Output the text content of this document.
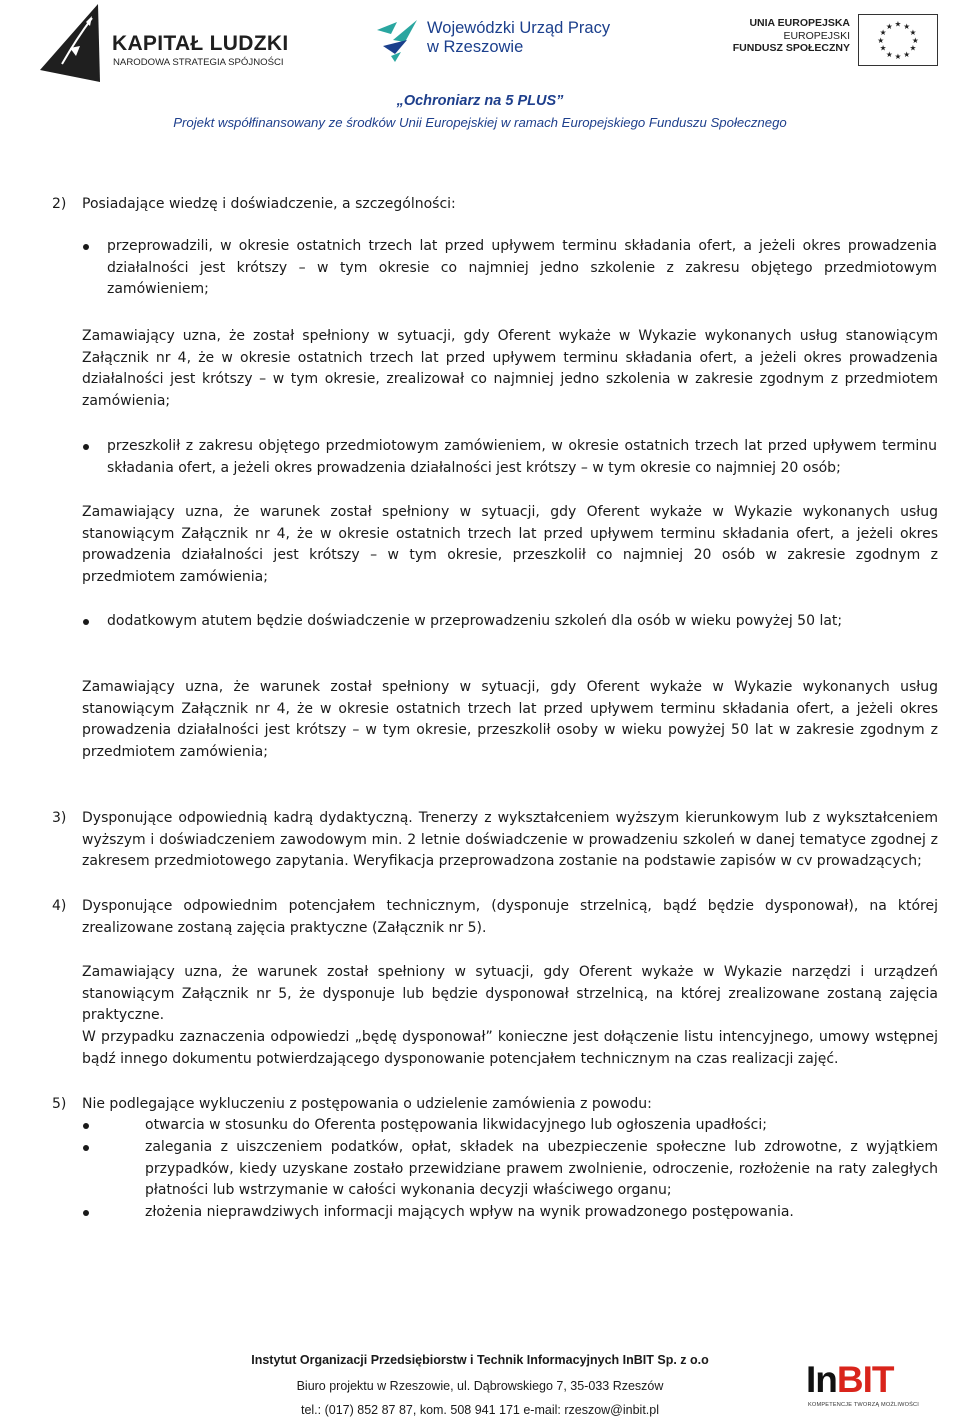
KAPITAŁ LUDZKI
NARODOWA STRATEGIA SPÓJNOŚCI
Wojewódzki Urząd Pracy
w Rzeszowie
UNIA EUROPEJSKA
EUROPEJSKI
FUNDUSZ SPOŁECZNY
★ ★
★
★
★
★
★
★
★
★
★
★
„Ochroniarz na 5 PLUS”
Projekt współfinansowany ze środków Unii Europejskiej w ramach Europejskiego Funduszu Społecznego
2) Posiadające wiedzę i doświadczenie, a szczególności:

przeprowadzili, w okresie ostatnich trzech lat przed upływem terminu składania ofert, a jeżeli okres prowadzenia działalności jest krótszy – w tym okresie co najmniej jedno szkolenie z zakresu objętego przedmiotowym zamówieniem;

Zamawiający uzna, że został spełniony w sytuacji, gdy Oferent wykaże w Wykazie wykonanych usług stanowiącym Załącznik nr 4, że w okresie ostatnich trzech lat przed upływem terminu składania ofert, a jeżeli okres prowadzenia działalności jest krótszy – w tym okresie, zrealizował co najmniej jedno szkolenia w zakresie zgodnym z przedmiotem zamówienia;

przeszkolił z zakresu objętego przedmiotowym zamówieniem, w okresie ostatnich trzech lat przed upływem terminu składania ofert, a jeżeli okres prowadzenia działalności jest krótszy – w tym okresie co najmniej 20 osób;

Zamawiający uzna, że warunek został spełniony w sytuacji, gdy Oferent wykaże w Wykazie wykonanych usług stanowiącym Załącznik nr 4, że w okresie ostatnich trzech lat przed upływem terminu składania ofert, a jeżeli okres prowadzenia działalności jest krótszy – w tym okresie, przeszkolił co najmniej 20 osób w zakresie zgodnym z przedmiotem zamówienia;

dodatkowym atutem będzie doświadczenie w przeprowadzeniu szkoleń dla osób w wieku powyżej 50 lat;

Zamawiający uzna, że warunek został spełniony w sytuacji, gdy Oferent wykaże w Wykazie wykonanych usług stanowiącym Załącznik nr 4, że w okresie ostatnich trzech lat przed upływem terminu składania ofert, a jeżeli okres prowadzenia działalności jest krótszy – w tym okresie, przeszkolił osoby w wieku powyżej 50 lat w zakresie zgodnym z przedmiotem zamówienia;

3) Dysponujące odpowiednią kadrą dydaktyczną. Trenerzy z wykształceniem wyższym kierunkowym lub z wykształceniem wyższym i doświadczeniem zawodowym min. 2 letnie doświadczenie w prowadzeniu szkoleń w danej tematyce zgodnej z zakresem przedmiotowego zapytania. Weryfikacja przeprowadzona zostanie na podstawie zapisów w cv prowadzących;

4) Dysponujące odpowiednim potencjałem technicznym, (dysponuje strzelnicą, bądź będzie dysponował), na której zrealizowane zostaną zajęcia praktyczne (Załącznik nr 5).

Zamawiający uzna, że warunek został spełniony w sytuacji, gdy Oferent wykaże w Wykazie narzędzi i urządzeń stanowiącym Załącznik nr 5, że dysponuje lub będzie dysponował strzelnicą, na której zrealizowane zostaną zajęcia praktyczne.

W przypadku zaznaczenia odpowiedzi „będę dysponował” konieczne jest dołączenie listu intencyjnego, umowy wstępnej bądź innego dokumentu potwierdzającego dysponowanie potencjałem technicznym na czas realizacji zajęć.

5) Nie podlegające wykluczeniu z postępowania o udzielenie zamówienia z powodu:

otwarcia w stosunku do Oferenta postępowania likwidacyjnego lub ogłoszenia upadłości;

zalegania z uiszczeniem podatków, opłat, składek na ubezpieczenie społeczne lub zdrowotne, z wyjątkiem przypadków, kiedy uzyskane zostało przewidziane prawem zwolnienie, odroczenie, rozłożenie na raty zaległych płatności lub wstrzymanie w całości wykonania decyzji właściwego organu;

złożenia nieprawdziwych informacji mających wpływ na wynik prowadzonego postępowania.

Instytut Organizacji Przedsiębiorstw i Technik Informacyjnych InBIT Sp. z o.o
Biuro projektu w Rzeszowie, ul. Dąbrowskiego 7, 35-033 Rzeszów
tel.: (017) 852 87 87, kom. 508 941 171 e-mail: rzeszow@inbit.pl
InBIT
KOMPETENCJE TWORZĄ MOŻLIWOŚCI
